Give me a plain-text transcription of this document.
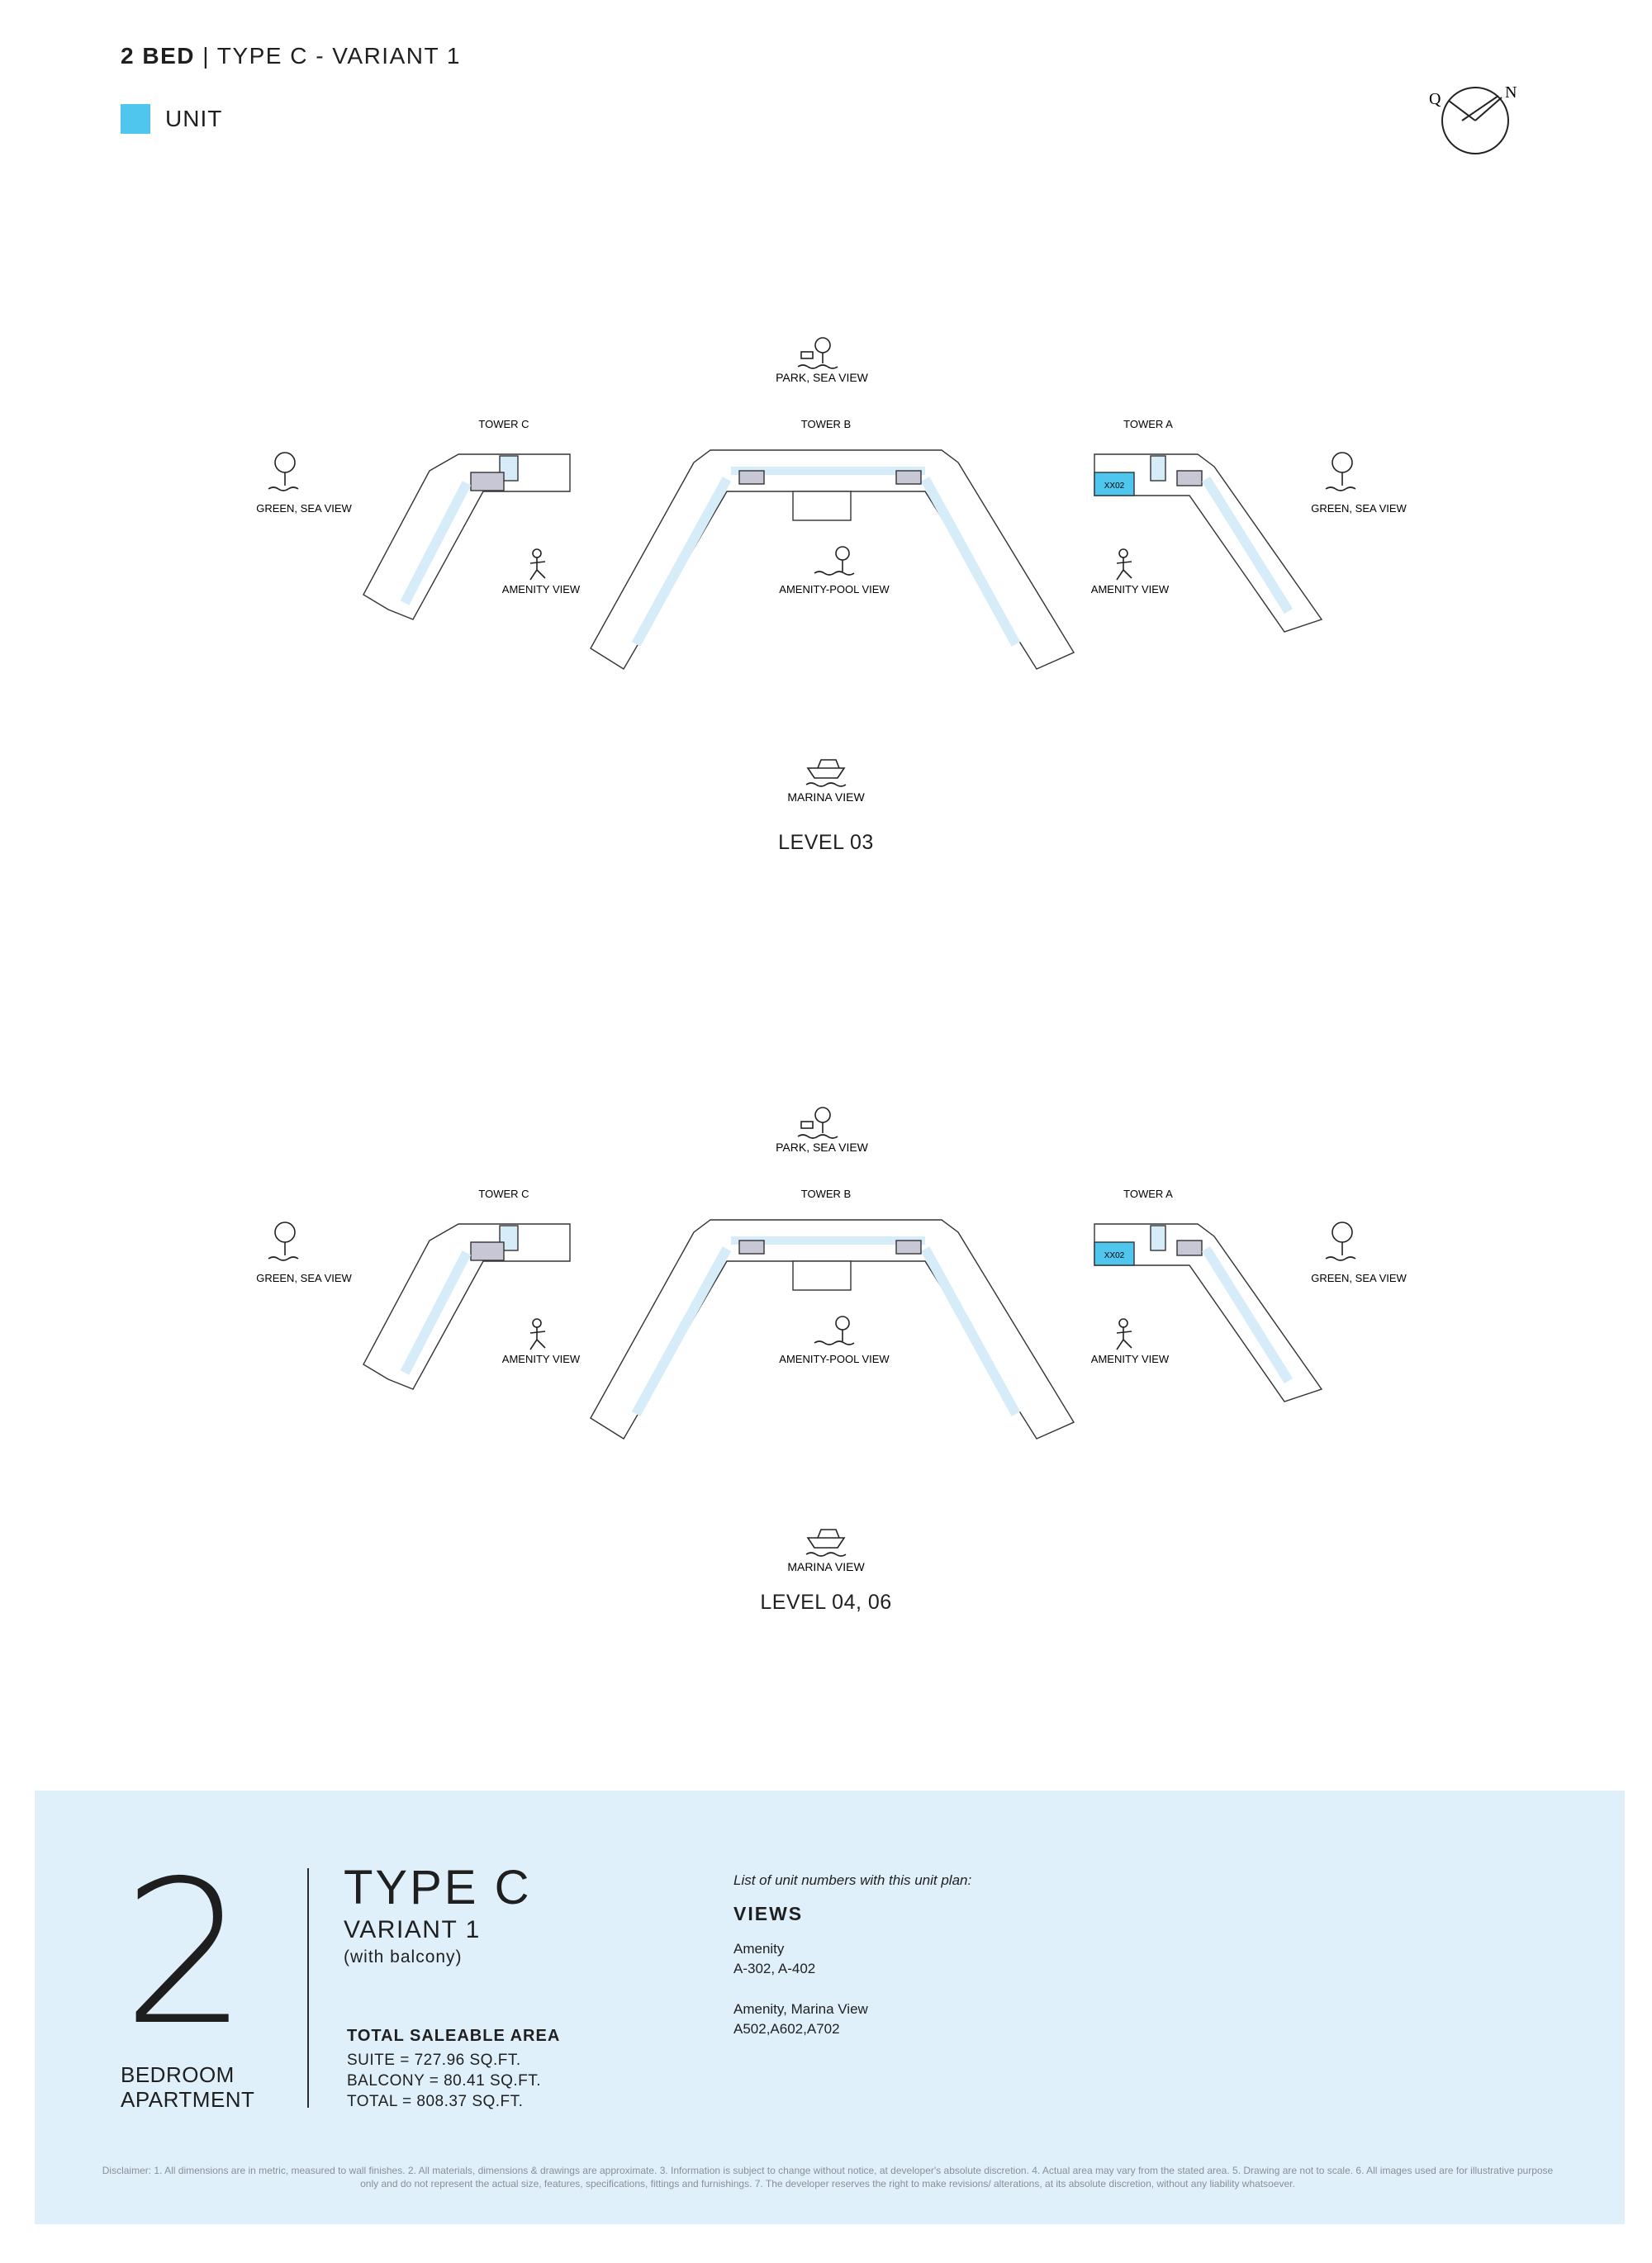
2 BED | TYPE C - VARIANT 1
UNIT
Q	N
PARK, SEA VIEW
TOWER B
TOWER C	TOWER A
XX02
GREEN, SEA VIEW	GREEN, SEA VIEW
AMENITY VIEW	AMENITY-POOL VIEW	AMENITY VIEW
MARINA VIEW
LEVEL 03
PARK, SEA VIEW
TOWER B
TOWER C	TOWER A
XX02
GREEN, SEA VIEW	GREEN, SEA VIEW
AMENITY VIEW	AMENITY-POOL VIEW	AMENITY VIEW
MARINA VIEW
LEVEL 04, 06
2
BEDROOM
APARTMENT
TYPE C
VARIANT 1
(with balcony)
TOTAL SALEABLE AREA
SUITE = 727.96 SQ.FT.
BALCONY = 80.41 SQ.FT.
TOTAL = 808.37 SQ.FT.
List of unit numbers with this unit plan:
VIEWS
Amenity
A-302, A-402
Amenity, Marina View
A502,A602,A702
Disclaimer: 1. All dimensions are in metric, measured to wall finishes. 2. All materials, dimensions & drawings are approximate. 3. Information is subject to change without notice, at developer's absolute discretion. 4. Actual area may vary from the stated area. 5. Drawing are not to scale. 6. All images used are for illustrative purpose only and do not represent the actual size, features, specifications, fittings and furnishings. 7. The developer reserves the right to make revisions/ alterations, at its absolute discretion, without any liability whatsoever.
